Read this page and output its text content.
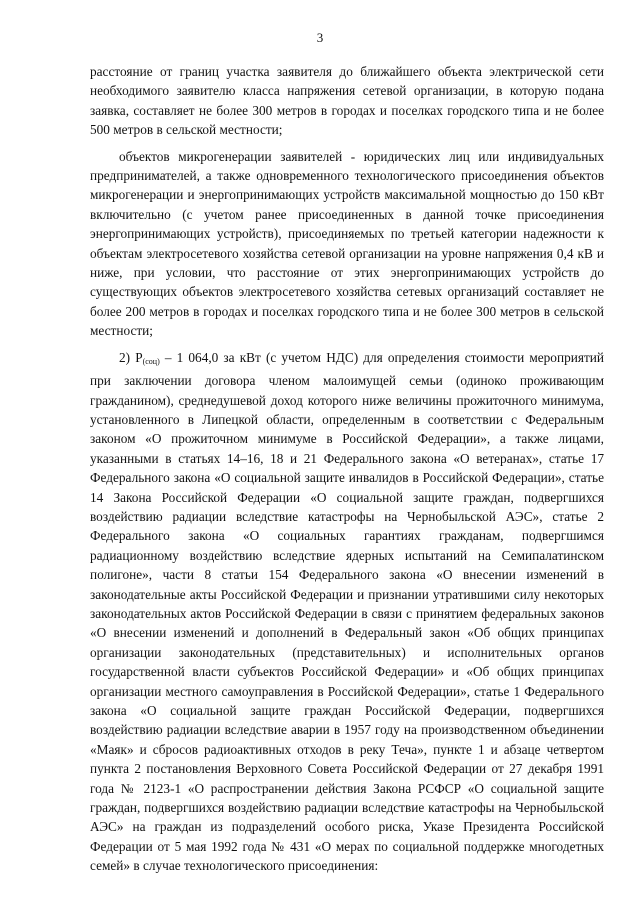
3

расстояние от границ участка заявителя до ближайшего объекта электрической сети необходимого заявителю класса напряжения сетевой организации, в которую подана заявка, составляет не более 300 метров в городах и поселках городского типа и не более 500 метров в сельской местности;

объектов микрогенерации заявителей - юридических лиц или индивидуальных предпринимателей, а также одновременного технологического присоединения объектов микрогенерации и энергопринимающих устройств максимальной мощностью до 150 кВт включительно (с учетом ранее присоединенных в данной точке присоединения энергопринимающих устройств), присоединяемых по третьей категории надежности к объектам электросетевого хозяйства сетевой организации на уровне напряжения 0,4 кВ и ниже, при условии, что расстояние от этих энергопринимающих устройств до существующих объектов электросетевого хозяйства сетевых организаций составляет не более 200 метров в городах и поселках городского типа и не более 300 метров в сельской местности;

2) $Р_{(соц)} - 1$ 064,0 за кВт (с учетом НДС) для определения стоимости мероприятий при заключении договора членом малоимущей семьи (одиноко проживающим гражданином), среднедушевой доход которого ниже величины прожиточного минимума, установленного в Липецкой области, определенным в соответствии с Федеральным законом «О прожиточном минимуме в Российской Федерации», а также лицами, указанными в статьях 14–16, 18 и 21 Федерального закона «О ветеранах», статье 17 Федерального закона «О социальной защите инвалидов в Российской Федерации», статье 14 Закона Российской Федерации «О социальной защите граждан, подвергшихся воздействию радиации вследствие катастрофы на Чернобыльской АЭС», статье 2 Федерального закона «О социальных гарантиях гражданам, подвергшимся радиационному воздействию вследствие ядерных испытаний на Семипалатинском полигоне», части 8 статьи 154 Федерального закона «О внесении изменений в законодательные акты Российской Федерации и признании утратившими силу некоторых законодательных актов Российской Федерации в связи с принятием федеральных законов «О внесении изменений и дополнений в Федеральный закон «Об общих принципах организации законодательных (представительных) и исполнительных органов государственной власти субъектов Российской Федерации» и «Об общих принципах организации местного самоуправления в Российской Федерации», статье 1 Федерального закона «О социальной защите граждан Российской Федерации, подвергшихся воздействию радиации вследствие аварии в 1957 году на производственном объединении «Маяк» и сбросов радиоактивных отходов в реку Теча», пункте 1 и абзаце четвертом пункта 2 постановления Верховного Совета Российской Федерации от 27 декабря 1991 года № 2123-1 «О распространении действия Закона РСФСР «О социальной защите граждан, подвергшихся воздействию радиации вследствие катастрофы на Чернобыльской АЭС» на граждан из подразделений особого риска, Указе Президента Российской Федерации от 5 мая 1992 года № 431 «О мерах по социальной поддержке многодетных семей» в случае технологического присоединения:
